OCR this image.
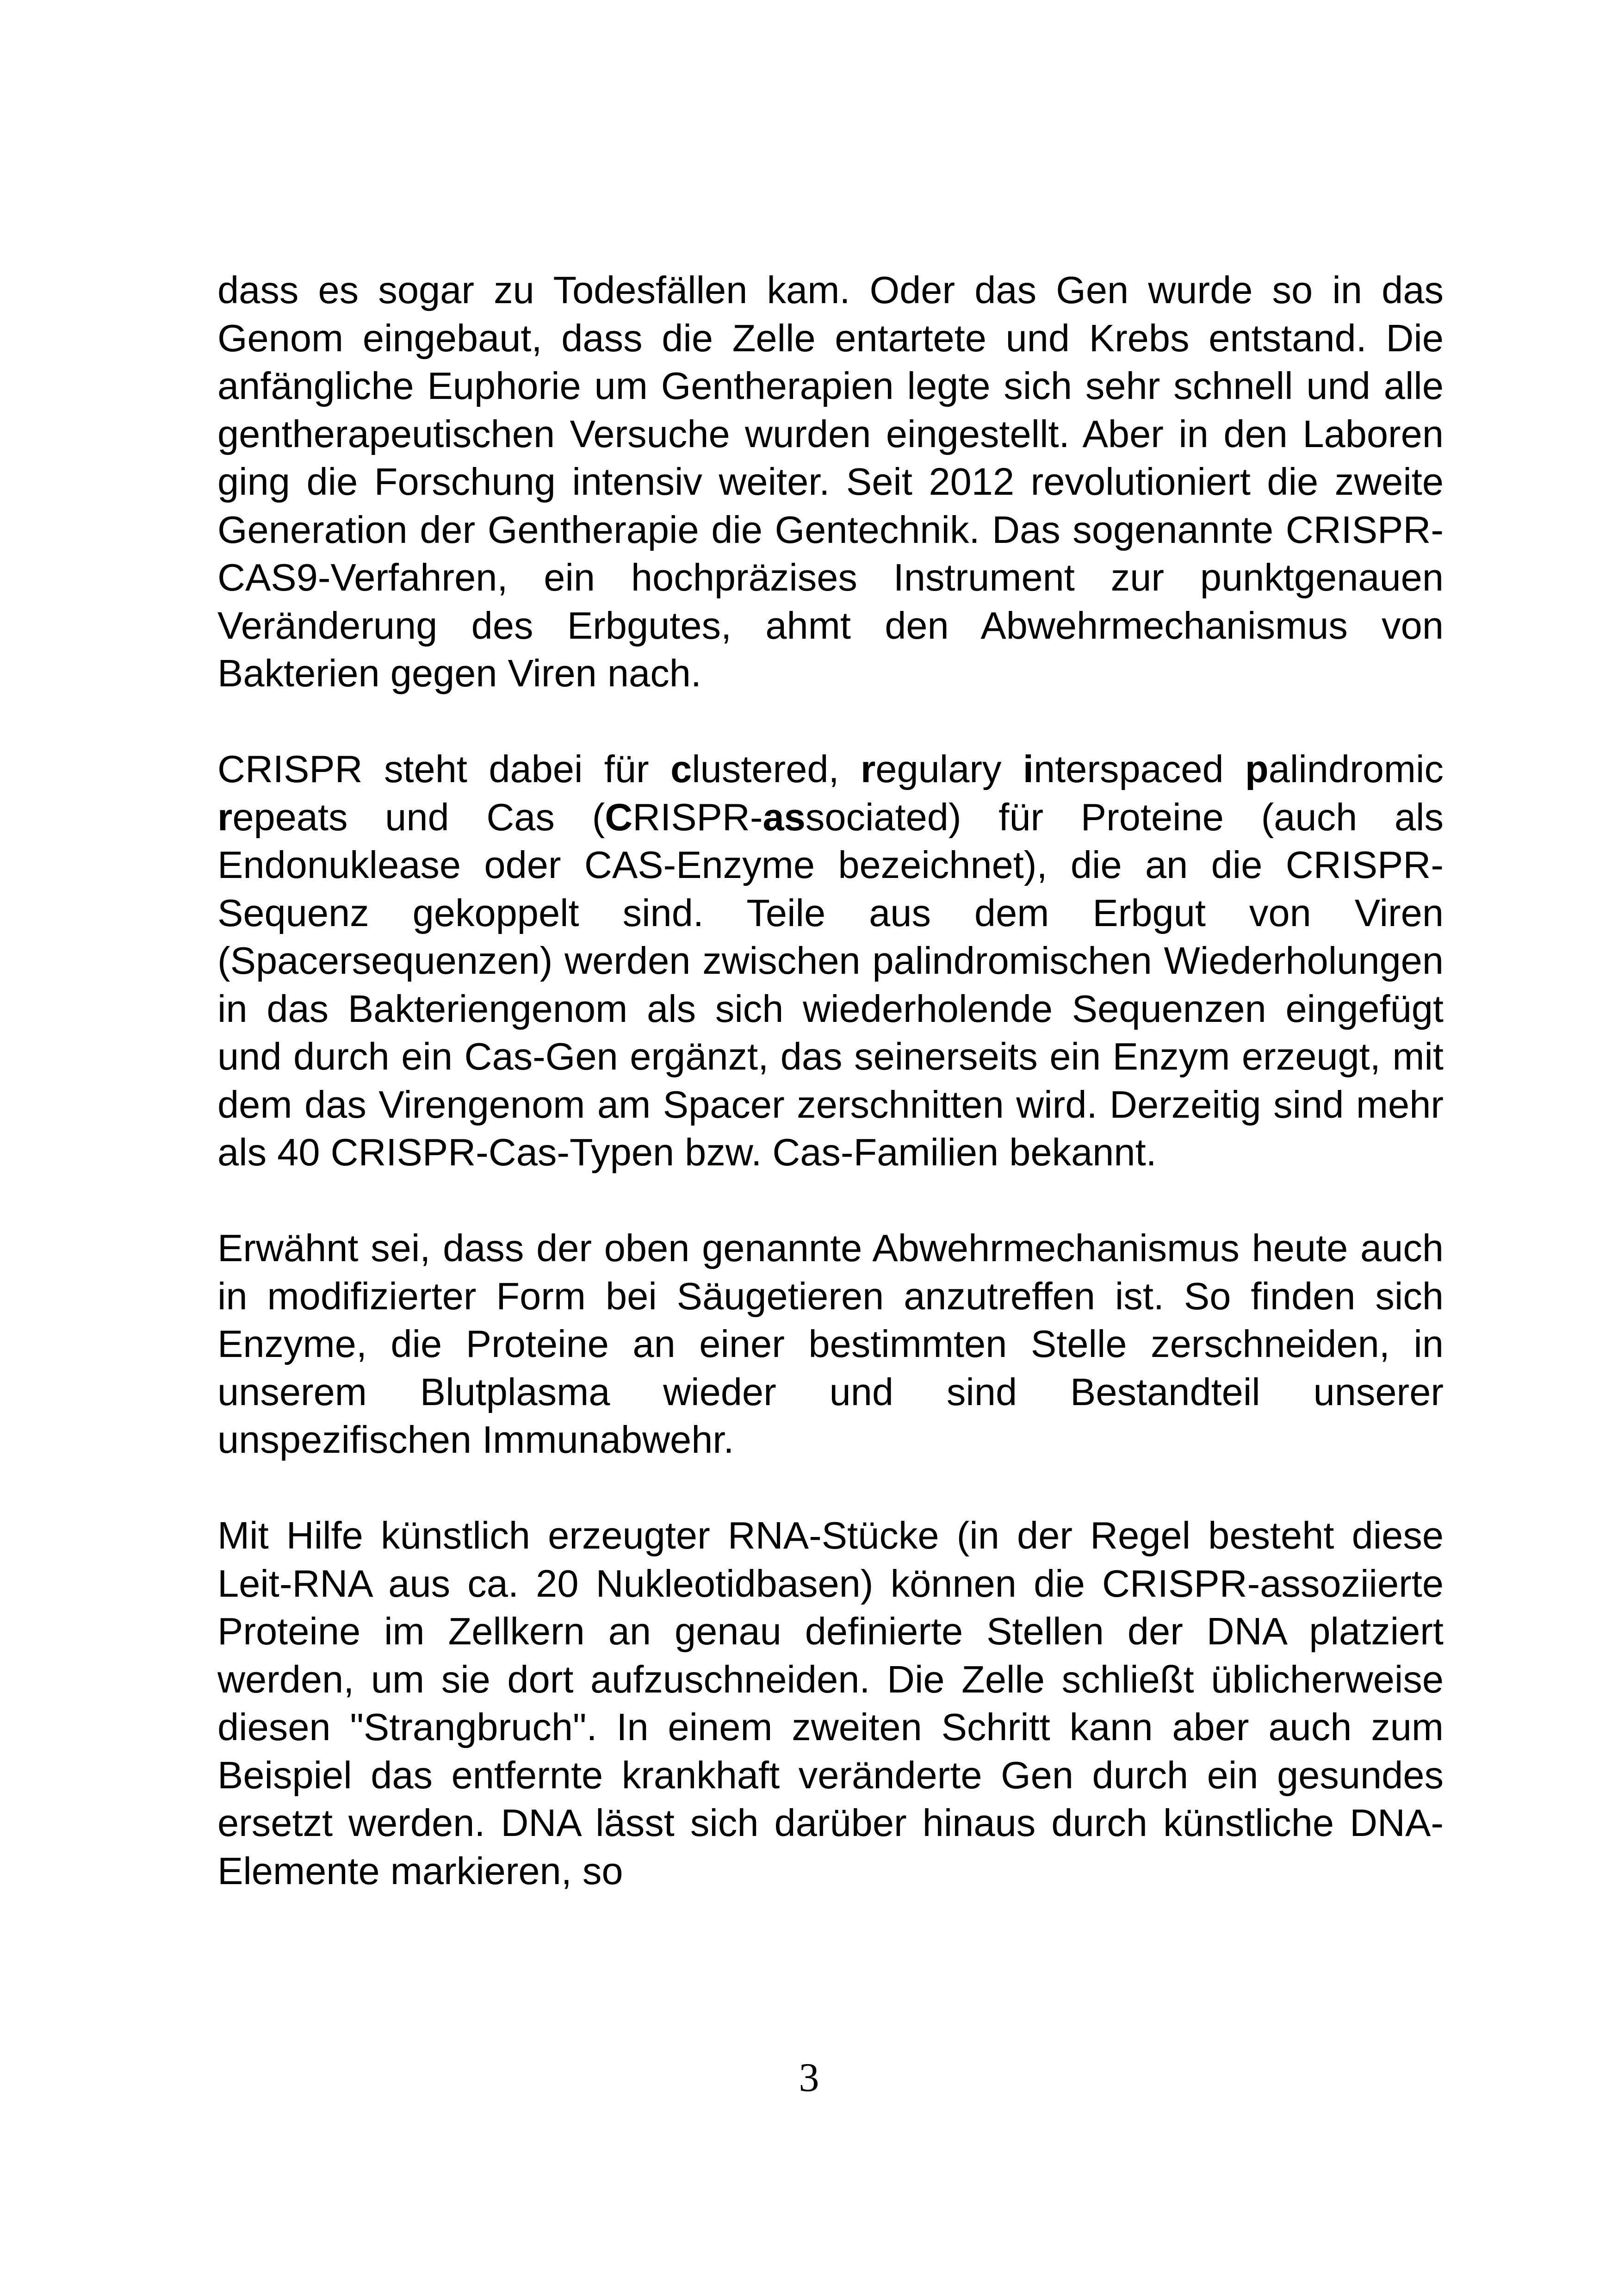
dass es sogar zu Todesfällen kam. Oder das Gen wurde so in das Genom eingebaut, dass die Zelle entartete und Krebs entstand. Die anfängliche Euphorie um Gentherapien legte sich sehr schnell und alle gentherapeutischen Versuche wurden eingestellt. Aber in den Laboren ging die Forschung intensiv weiter. Seit 2012 revolutioniert die zweite Generation der Gentherapie die Gentechnik. Das sogenannte CRISPR-CAS9-Verfahren, ein hochpräzises Instrument zur punktgenauen Veränderung des Erbgutes, ahmt den Abwehrmechanismus von Bakterien gegen Viren nach.

CRISPR steht dabei für clustered, regulary interspaced palindromic repeats und Cas (CRISPR-associated) für Proteine (auch als Endonuklease oder CAS-Enzyme bezeichnet), die an die CRISPR-Sequenz gekoppelt sind. Teile aus dem Erbgut von Viren (Spacersequenzen) werden zwischen palindromischen Wiederholungen in das Bakteriengenom als sich wiederholende Sequenzen eingefügt und durch ein Cas-Gen ergänzt, das seinerseits ein Enzym erzeugt, mit dem das Virengenom am Spacer zerschnitten wird. Derzeitig sind mehr als 40 CRISPR-Cas-Typen bzw. Cas-Familien bekannt.

Erwähnt sei, dass der oben genannte Abwehrmechanismus heute auch in modifizierter Form bei Säugetieren anzutreffen ist. So finden sich Enzyme, die Proteine an einer bestimmten Stelle zerschneiden, in unserem Blutplasma wieder und sind Bestandteil unserer unspezifischen Immunabwehr.

Mit Hilfe künstlich erzeugter RNA-Stücke (in der Regel besteht diese Leit-RNA aus ca. 20 Nukleotidbasen) können die CRISPR-assoziierte Proteine im Zellkern an genau definierte Stellen der DNA platziert werden, um sie dort aufzuschneiden. Die Zelle schließt üblicherweise diesen "Strangbruch". In einem zweiten Schritt kann aber auch zum Beispiel das entfernte krankhaft veränderte Gen durch ein gesundes ersetzt werden. DNA lässt sich darüber hinaus durch künstliche DNA-Elemente markieren, so

3
